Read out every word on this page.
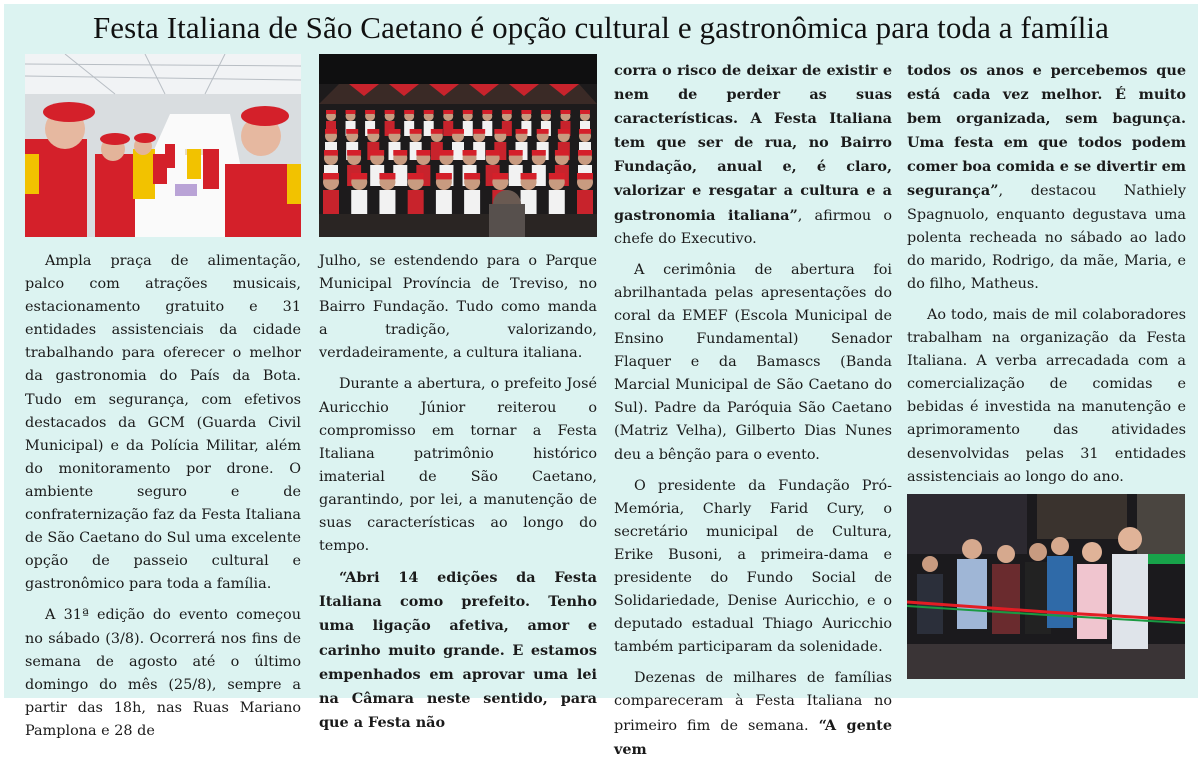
Festa Italiana de São Caetano é opção cultural e gastronômica para toda a família

Ampla praça de alimentação, palco com atrações musicais, estacionamento gratuito e 31 entidades assistenciais da cidade trabalhando para oferecer o melhor da gastronomia do País da Bota. Tudo em segurança, com efetivos destacados da GCM (Guarda Civil Municipal) e da Polícia Militar, além do monitoramento por drone. O ambiente seguro e de confraternização faz da Festa Italiana de São Caetano do Sul uma excelente opção de passeio cultural e gastronômico para toda a família.

A 31ª edição do evento começou no sábado (3/8). Ocorrerá nos fins de semana de agosto até o último domingo do mês (25/8), sempre a partir das 18h, nas Ruas Mariano Pamplona e 28 de

Julho, se estendendo para o Parque Municipal Província de Treviso, no Bairro Fundação. Tudo como manda a tradição, valorizando, verdadeiramente, a cultura italiana.

Durante a abertura, o prefeito José Auricchio Júnior reiterou o compromisso em tornar a Festa Italiana patrimônio histórico imaterial de São Caetano, garantindo, por lei, a manutenção de suas características ao longo do tempo.

“Abri 14 edições da Festa Italiana como prefeito. Tenho uma ligação afetiva, amor e carinho muito grande. E estamos empenhados em aprovar uma lei na Câmara neste sentido, para que a Festa não

corra o risco de deixar de existir e nem de perder as suas características. A Festa Italiana tem que ser de rua, no Bairro Fundação, anual e, é claro, valorizar e resgatar a cultura e a gastronomia italiana”, afirmou o chefe do Executivo.

A cerimônia de abertura foi abrilhantada pelas apresentações do coral da EMEF (Escola Municipal de Ensino Fundamental) Senador Flaquer e da Bamascs (Banda Marcial Municipal de São Caetano do Sul). Padre da Paróquia São Caetano (Matriz Velha), Gilberto Dias Nunes deu a bênção para o evento.

O presidente da Fundação Pró-Memória, Charly Farid Cury, o secretário municipal de Cultura, Erike Busoni, a primeira-dama e presidente do Fundo Social de Solidariedade, Denise Auricchio, e o deputado estadual Thiago Auricchio também participaram da solenidade.

Dezenas de milhares de famílias compareceram à Festa Italiana no primeiro fim de semana. “A gente vem

todos os anos e percebemos que está cada vez melhor. É muito bem organizada, sem bagunça. Uma festa em que todos podem comer boa comida e se divertir em segurança”, destacou Nathiely Spagnuolo, enquanto degustava uma polenta recheada no sábado ao lado do marido, Rodrigo, da mãe, Maria, e do filho, Matheus.

Ao todo, mais de mil colaboradores trabalham na organização da Festa Italiana. A verba arrecadada com a comercialização de comidas e bebidas é investida na manutenção e aprimoramento das atividades desenvolvidas pelas 31 entidades assistenciais ao longo do ano.
